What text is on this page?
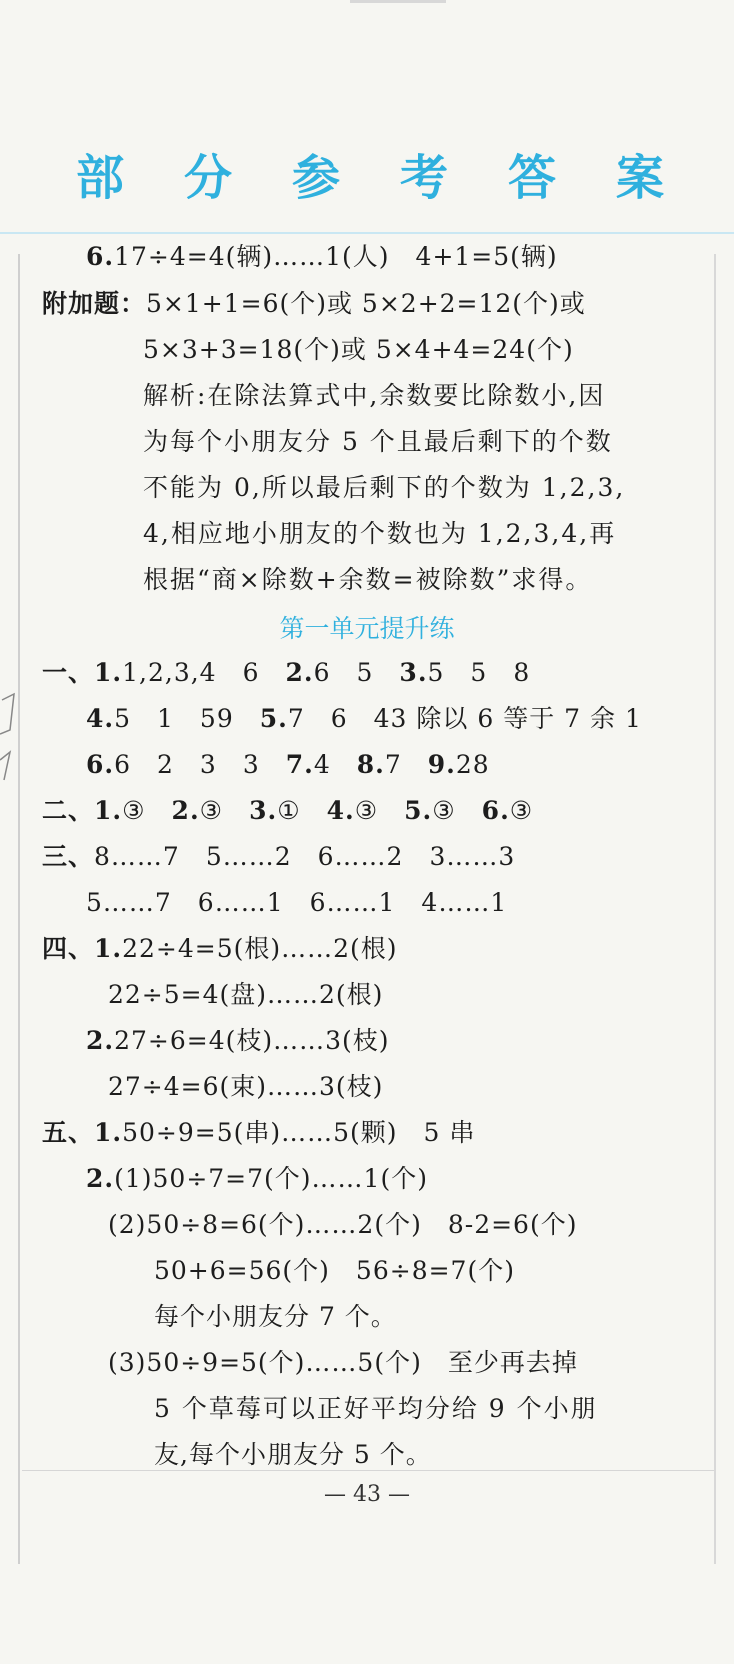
部 分 参 考 答 案
6.17÷4=4(辆)……1(人)　4+1=5(辆)
附加题：5×1+1=6(个)或 5×2+2=12(个)或
5×3+3=18(个)或 5×4+4=24(个)
解析:在除法算式中,余数要比除数小,因
为每个小朋友分 5 个且最后剩下的个数
不能为 0,所以最后剩下的个数为 1,2,3,
4,相应地小朋友的个数也为 1,2,3,4,再
根据“商×除数+余数=被除数”求得。
第一单元提升练
一、1.1,2,3,4　6　2.6　5　3.5　5　8
4.5　1　59　5.7　6　43 除以 6 等于 7 余 1
6.6　2　3　3　7.4　8.7　9.28
二、1.③　2.③　3.①　4.③　5.③　6.③
三、8……7　5……2　6……2　3……3
5……7　6……1　6……1　4……1
四、1.22÷4=5(根)……2(根)
22÷5=4(盘)……2(根)
2.27÷6=4(枝)……3(枝)
27÷4=6(束)……3(枝)
五、1.50÷9=5(串)……5(颗)　5 串
2.(1)50÷7=7(个)……1(个)
(2)50÷8=6(个)……2(个)　8-2=6(个)
50+6=56(个)　56÷8=7(个)
每个小朋友分 7 个。
(3)50÷9=5(个)……5(个)　至少再去掉
5 个草莓可以正好平均分给 9 个小朋
友,每个小朋友分 5 个。
— 43 —
